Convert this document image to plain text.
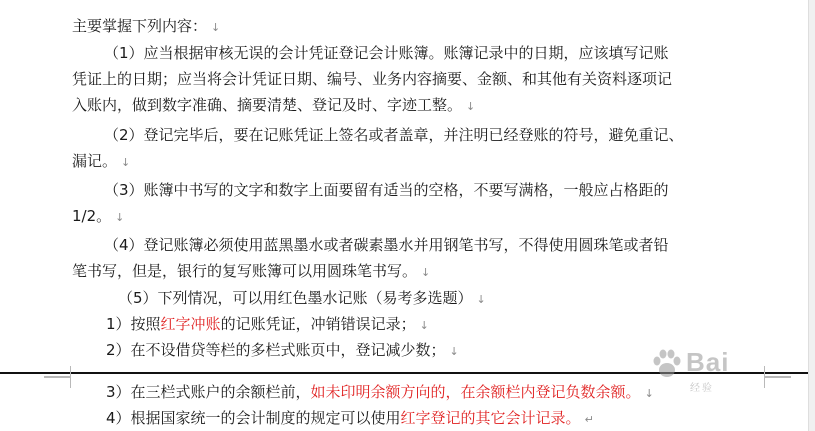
主要掌握下列内容： ↓
（1）应当根据审核无误的会计凭证登记会计账簿。账簿记录中的日期，应该填写记账
凭证上的日期；应当将会计凭证日期、编号、业务内容摘要、金额、和其他有关资料逐项记
入账内，做到数字准确、摘要清楚、登记及时、字迹工整。 ↓
（2）登记完毕后，要在记账凭证上签名或者盖章，并注明已经登账的符号，避免重记、
漏记。 ↓
（3）账簿中书写的文字和数字上面要留有适当的空格，不要写满格，一般应占格距的
1/2。 ↓
（4）登记账簿必须使用蓝黑墨水或者碳素墨水并用钢笔书写，不得使用圆珠笔或者铅
笔书写，但是，银行的复写账簿可以用圆珠笔书写。 ↓
（5）下列情况，可以用红色墨水记账（易考多选题） ↓
1）按照红字冲账的记账凭证，冲销错误记录； ↓
2）在不设借贷等栏的多栏式账页中，登记减少数； ↓
3）在三栏式账户的余额栏前，如未印明余额方向的，在余额栏内登记负数余额。 ↓
4）根据国家统一的会计制度的规定可以使用红字登记的其它会计记录。 ↵
Bai
经验
